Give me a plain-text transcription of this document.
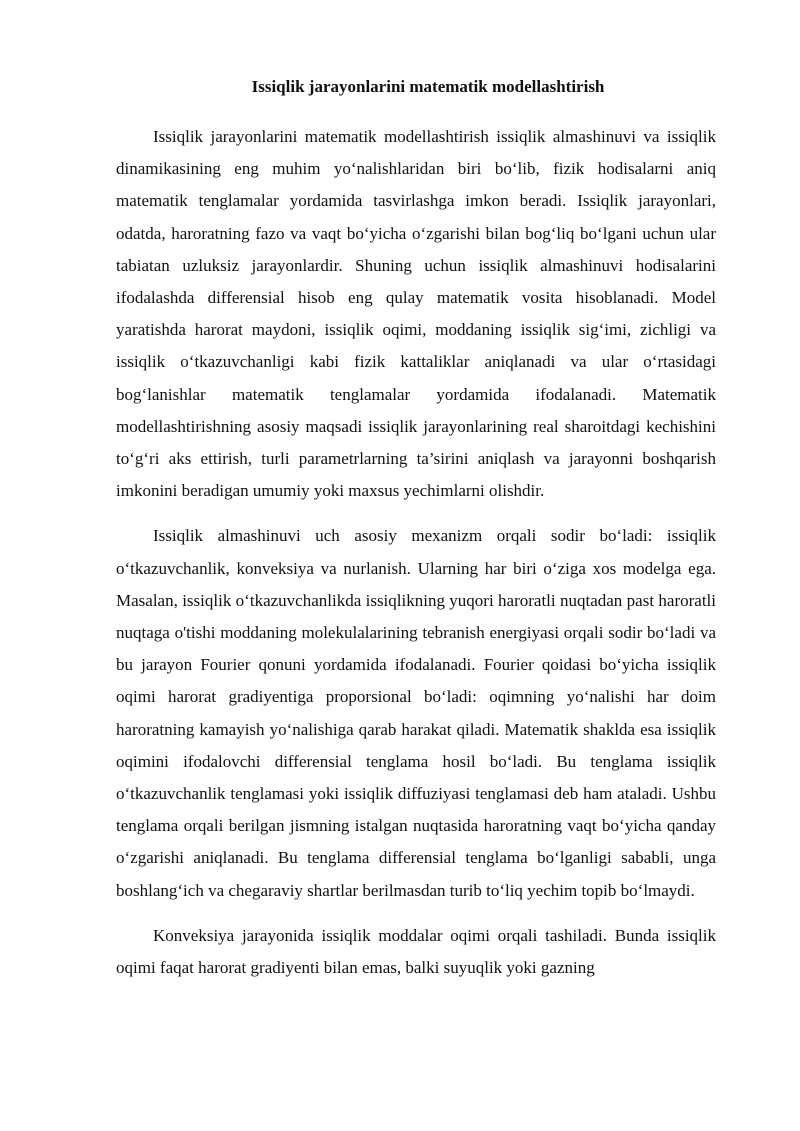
Issiqlik jarayonlarini matematik modellashtirish

Issiqlik jarayonlarini matematik modellashtirish issiqlik almashinuvi va issiqlik dinamikasining eng muhim yo‘nalishlaridan biri bo‘lib, fizik hodisalarni aniq matematik tenglamalar yordamida tasvirlashga imkon beradi. Issiqlik jarayonlari, odatda, haroratning fazo va vaqt bo‘yicha o‘zgarishi bilan bog‘liq bo‘lgani uchun ular tabiatan uzluksiz jarayonlardir. Shuning uchun issiqlik almashinuvi hodisalarini ifodalashda differensial hisob eng qulay matematik vosita hisoblanadi. Model yaratishda harorat maydoni, issiqlik oqimi, moddaning issiqlik sig‘imi, zichligi va issiqlik o‘tkazuvchanligi kabi fizik kattaliklar aniqlanadi va ular o‘rtasidagi bog‘lanishlar matematik tenglamalar yordamida ifodalanadi. Matematik modellashtirishning asosiy maqsadi issiqlik jarayonlarining real sharoitdagi kechishini to‘g‘ri aks ettirish, turli parametrlarning ta’sirini aniqlash va jarayonni boshqarish imkonini beradigan umumiy yoki maxsus yechimlarni olishdir.

Issiqlik almashinuvi uch asosiy mexanizm orqali sodir bo‘ladi: issiqlik o‘tkazuvchanlik, konveksiya va nurlanish. Ularning har biri o‘ziga xos modelga ega. Masalan, issiqlik o‘tkazuvchanlikda issiqlikning yuqori haroratli nuqtadan past haroratli nuqtaga o'tishi moddaning molekulalarining tebranish energiyasi orqali sodir bo‘ladi va bu jarayon Fourier qonuni yordamida ifodalanadi. Fourier qoidasi bo‘yicha issiqlik oqimi harorat gradiyentiga proporsional bo‘ladi: oqimning yo‘nalishi har doim haroratning kamayish yo‘nalishiga qarab harakat qiladi. Matematik shaklda esa issiqlik oqimini ifodalovchi differensial tenglama hosil bo‘ladi. Bu tenglama issiqlik o‘tkazuvchanlik tenglamasi yoki issiqlik diffuziyasi tenglamasi deb ham ataladi. Ushbu tenglama orqali berilgan jismning istalgan nuqtasida haroratning vaqt bo‘yicha qanday o‘zgarishi aniqlanadi. Bu tenglama differensial tenglama bo‘lganligi sababli, unga boshlang‘ich va chegaraviy shartlar berilmasdan turib to‘liq yechim topib bo‘lmaydi.

Konveksiya jarayonida issiqlik moddalar oqimi orqali tashiladi. Bunda issiqlik oqimi faqat harorat gradiyenti bilan emas, balki suyuqlik yoki gazning
